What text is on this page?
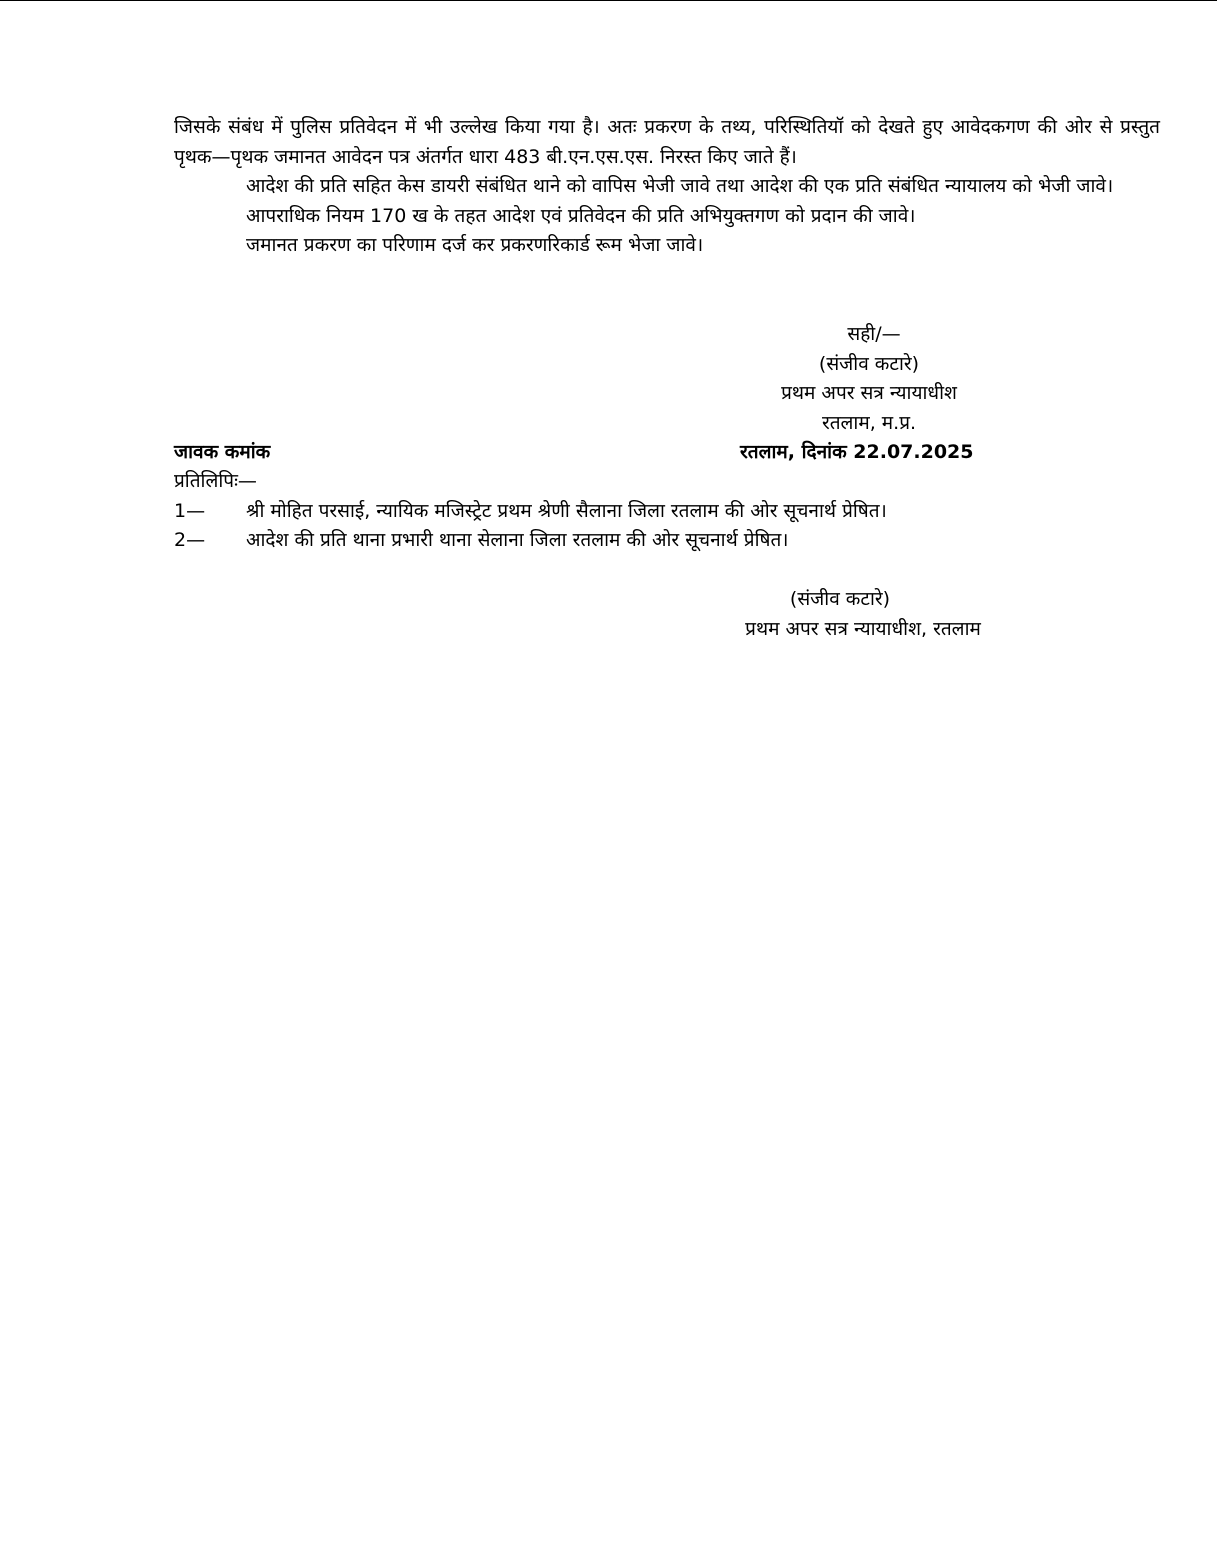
जिसके संबंध में पुलिस प्रतिवेदन में भी उल्लेख किया गया है। अतः प्रकरण के तथ्य, परिस्थितियॉ को देखते हुए आवेदकगण की ओर से प्रस्तुत पृथक—पृथक जमानत आवेदन पत्र अंतर्गत धारा 483 बी.एन.एस.एस. निरस्त किए जाते हैं।

आदेश की प्रति सहित केस डायरी संबंधित थाने को वापिस भेजी जावे तथा आदेश की एक प्रति संबंधित न्यायालय को भेजी जावे।

आपराधिक नियम 170 ख के तहत आदेश एवं प्रतिवेदन की प्रति अभियुक्तगण को प्रदान की जावे।

जमानत प्रकरण का परिणाम दर्ज कर प्रकरणरिकार्ड रूम भेजा जावे।

सही/—
(संजीव कटारे)
प्रथम अपर सत्र न्यायाधीश
रतलाम, म.प्र.
जावक कमांक	रतलाम, दिनांक 22.07.2025
प्रतिलिपिः—
1— श्री मोहित परसाई, न्यायिक मजिस्ट्रेट प्रथम श्रेणी सैलाना जिला रतलाम की ओर सूचनार्थ प्रेषित।
2— आदेश की प्रति थाना प्रभारी थाना सेलाना जिला रतलाम की ओर सूचनार्थ प्रेषित।
(संजीव कटारे)
प्रथम अपर सत्र न्यायाधीश, रतलाम
